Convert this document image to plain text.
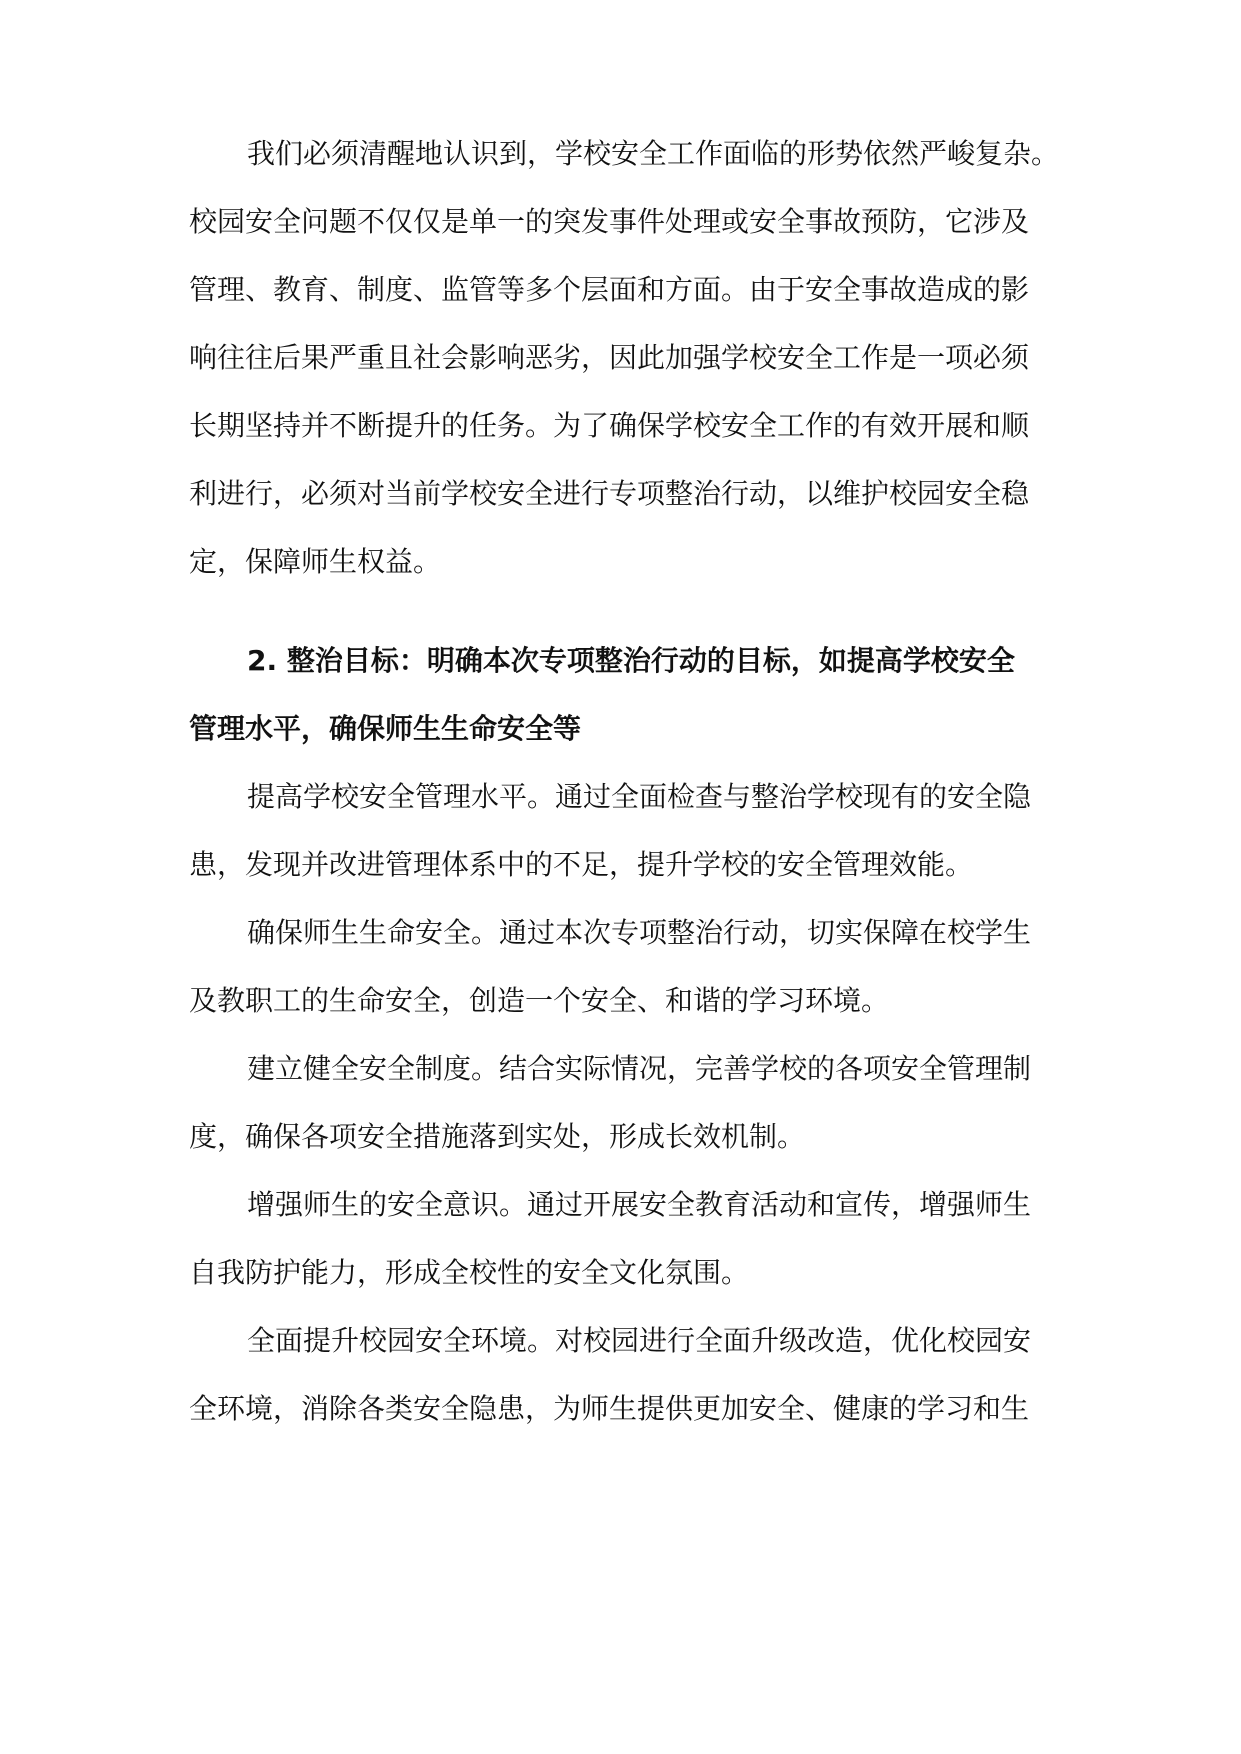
我们必须清醒地认识到，学校安全工作面临的形势依然严峻复杂。
校园安全问题不仅仅是单一的突发事件处理或安全事故预防，它涉及
管理、教育、制度、监管等多个层面和方面。由于安全事故造成的影
响往往后果严重且社会影响恶劣，因此加强学校安全工作是一项必须
长期坚持并不断提升的任务。为了确保学校安全工作的有效开展和顺
利进行，必须对当前学校安全进行专项整治行动，以维护校园安全稳
定，保障师生权益。
2. 整治目标：明确本次专项整治行动的目标，如提高学校安全
管理水平，确保师生生命安全等
提高学校安全管理水平。通过全面检查与整治学校现有的安全隐
患，发现并改进管理体系中的不足，提升学校的安全管理效能。
确保师生生命安全。通过本次专项整治行动，切实保障在校学生
及教职工的生命安全，创造一个安全、和谐的学习环境。
建立健全安全制度。结合实际情况，完善学校的各项安全管理制
度，确保各项安全措施落到实处，形成长效机制。
增强师生的安全意识。通过开展安全教育活动和宣传，增强师生
自我防护能力，形成全校性的安全文化氛围。
全面提升校园安全环境。对校园进行全面升级改造，优化校园安
全环境，消除各类安全隐患，为师生提供更加安全、健康的学习和生
